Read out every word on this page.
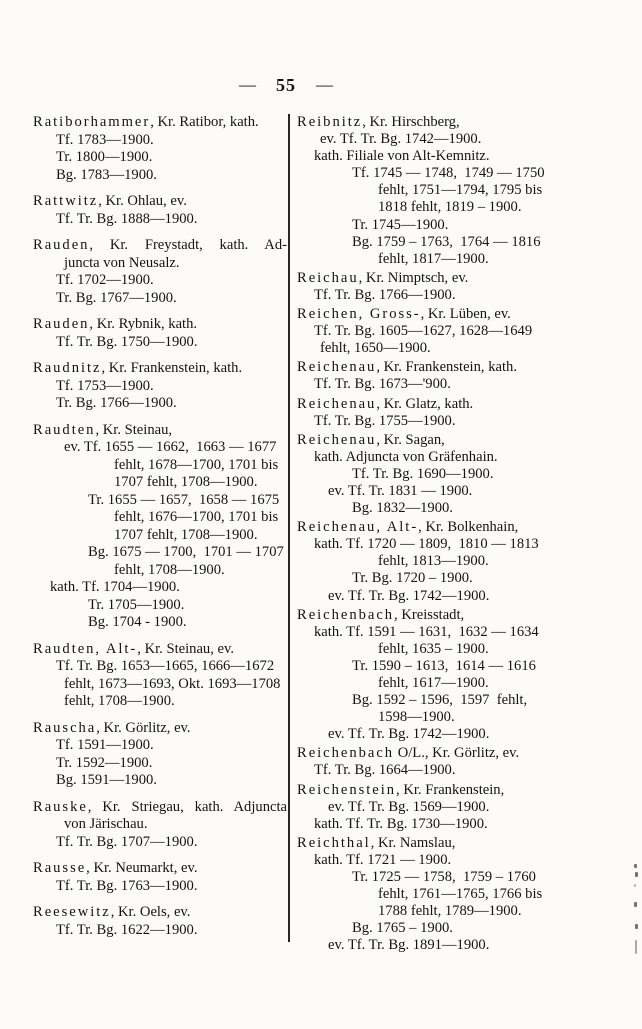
— 55 —
Ratiborhammer, Kr. Ratibor, kath.
Tf. 1783—1900.
Tr. 1800—1900.
Bg. 1783—1900.
Rattwitz, Kr. Ohlau, ev.
Tf. Tr. Bg. 1888—1900.
Rauden, Kr. Freystadt, kath. Ad-
juncta von Neusalz.
Tf. 1702—1900.
Tr. Bg. 1767—1900.
Rauden, Kr. Rybnik, kath.
Tf. Tr. Bg. 1750—1900.
Raudnitz, Kr. Frankenstein, kath.
Tf. 1753—1900.
Tr. Bg. 1766—1900.
Raudten, Kr. Steinau,
ev. Tf. 1655 — 1662,  1663 — 1677
fehlt, 1678—1700, 1701 bis
1707 fehlt, 1708—1900.
Tr. 1655 — 1657,  1658 — 1675
fehlt, 1676—1700, 1701 bis
1707 fehlt, 1708—1900.
Bg. 1675 — 1700,  1701 — 1707
fehlt, 1708—1900.
kath. Tf. 1704—1900.
Tr. 1705—1900.
Bg. 1704 - 1900.
Raudten, Alt-, Kr. Steinau, ev.
Tf. Tr. Bg. 1653—1665, 1666—1672
fehlt, 1673—1693, Okt. 1693—1708
fehlt, 1708—1900.
Rauscha, Kr. Görlitz, ev.
Tf. 1591—1900.
Tr. 1592—1900.
Bg. 1591—1900.
Rauske, Kr. Striegau, kath. Adjuncta
von Järischau.
Tf. Tr. Bg. 1707—1900.
Rausse, Kr. Neumarkt, ev.
Tf. Tr. Bg. 1763—1900.
Reesewitz, Kr. Oels, ev.
Tf. Tr. Bg. 1622—1900.
Reibnitz, Kr. Hirschberg,
ev. Tf. Tr. Bg. 1742—1900.
kath. Filiale von Alt-Kemnitz.
Tf. 1745 — 1748,  1749 — 1750
fehlt, 1751—1794, 1795 bis
1818 fehlt, 1819 – 1900.
Tr. 1745—1900.
Bg. 1759 – 1763,  1764 — 1816
fehlt, 1817—1900.
Reichau, Kr. Nimptsch, ev.
Tf. Tr. Bg. 1766—1900.
Reichen, Gross-, Kr. Lüben, ev.
Tf. Tr. Bg. 1605—1627, 1628—1649
fehlt, 1650—1900.
Reichenau, Kr. Frankenstein, kath.
Tf. Tr. Bg. 1673—'900.
Reichenau, Kr. Glatz, kath.
Tf. Tr. Bg. 1755—1900.
Reichenau, Kr. Sagan,
kath. Adjuncta von Gräfenhain.
Tf. Tr. Bg. 1690—1900.
ev. Tf. Tr. 1831 — 1900.
Bg. 1832—1900.
Reichenau, Alt-, Kr. Bolkenhain,
kath. Tf. 1720 — 1809,  1810 — 1813
fehlt, 1813—1900.
Tr. Bg. 1720 – 1900.
ev. Tf. Tr. Bg. 1742—1900.
Reichenbach, Kreisstadt,
kath. Tf. 1591 — 1631,  1632 — 1634
fehlt, 1635 – 1900.
Tr. 1590 – 1613,  1614 — 1616
fehlt, 1617—1900.
Bg. 1592 – 1596,  1597  fehlt,
1598—1900.
ev. Tf. Tr. Bg. 1742—1900.
Reichenbach O/L., Kr. Görlitz, ev.
Tf. Tr. Bg. 1664—1900.
Reichenstein, Kr. Frankenstein,
ev. Tf. Tr. Bg. 1569—1900.
kath. Tf. Tr. Bg. 1730—1900.
Reichthal, Kr. Namslau,
kath. Tf. 1721 — 1900.
Tr. 1725 — 1758,  1759 – 1760
fehlt, 1761—1765, 1766 bis
1788 fehlt, 1789—1900.
Bg. 1765 – 1900.
ev. Tf. Tr. Bg. 1891—1900.
